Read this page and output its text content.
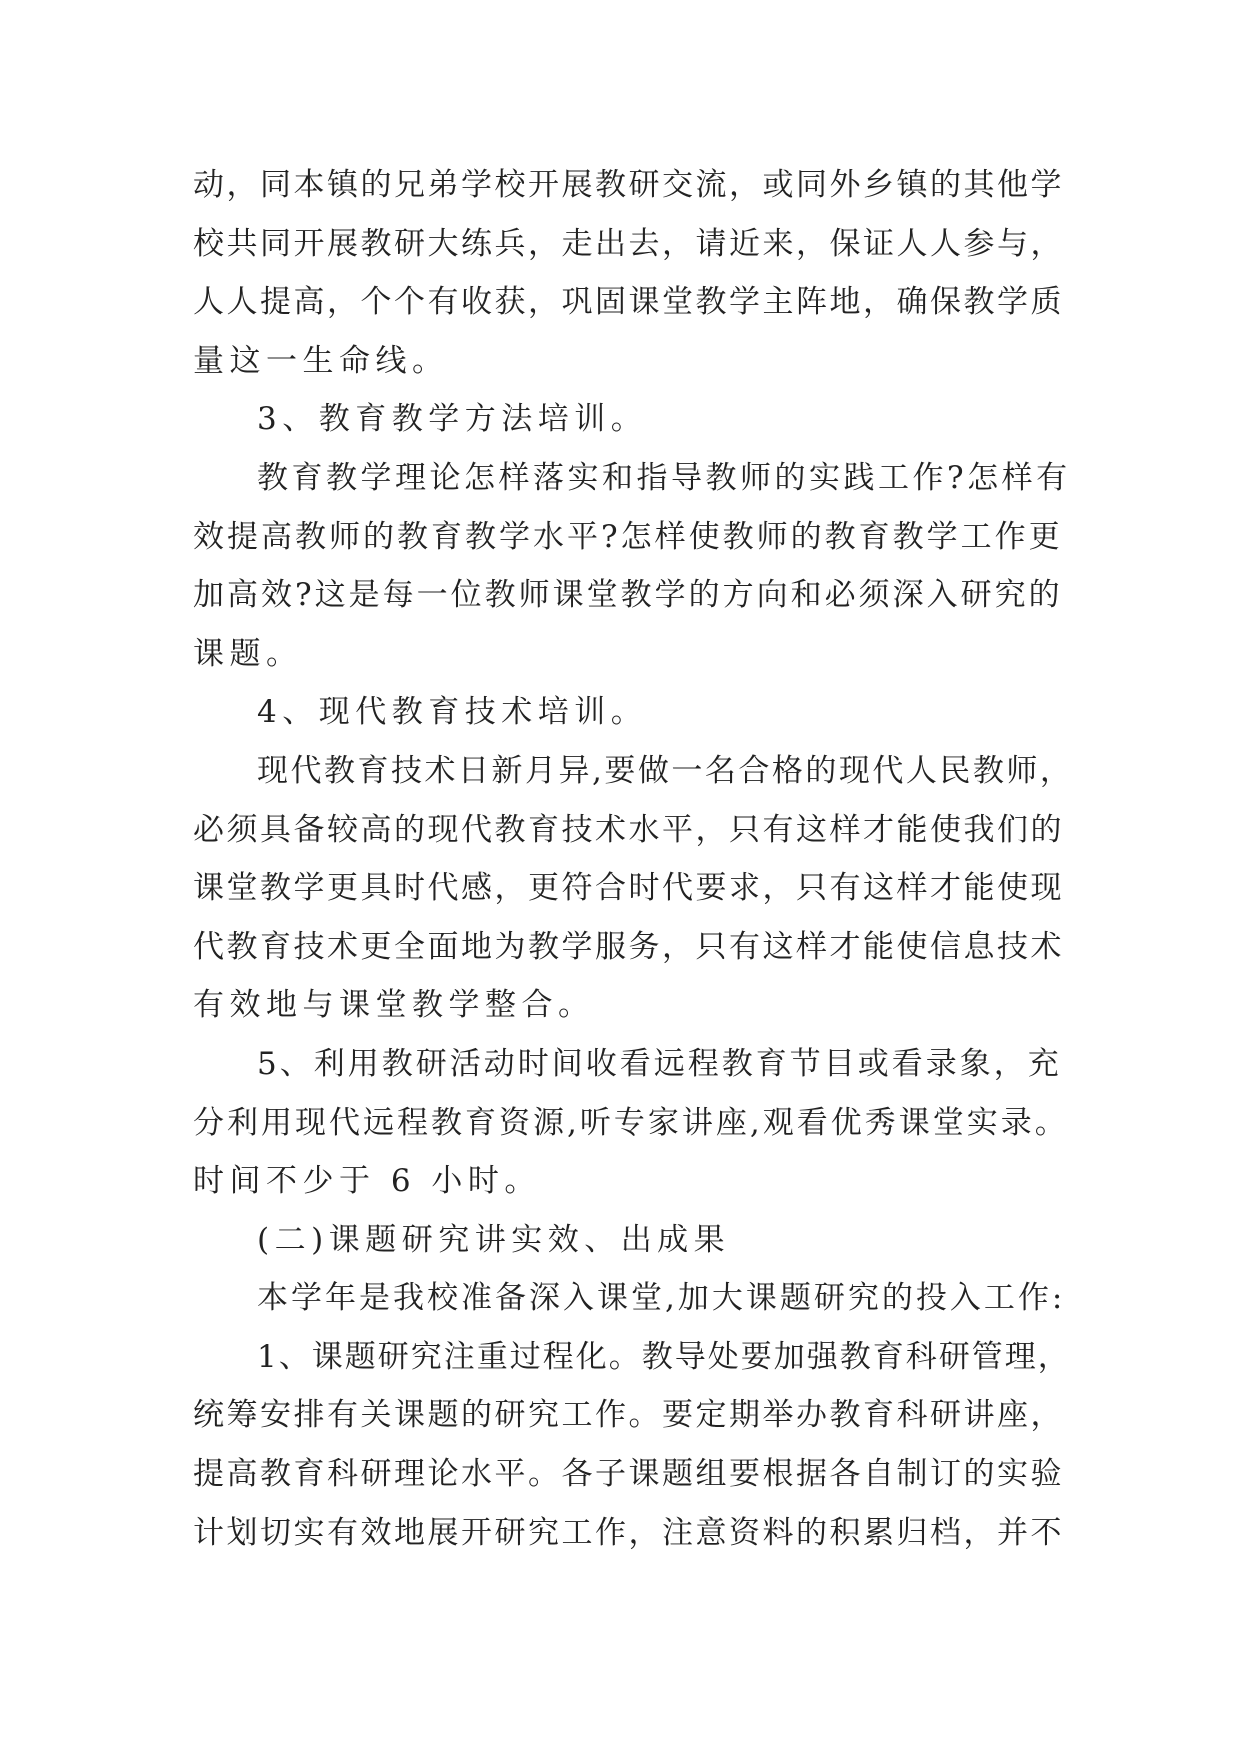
动，同本镇的兄弟学校开展教研交流，或同外乡镇的其他学
校共同开展教研大练兵，走出去，请近来，保证人人参与，
人人提高，个个有收获，巩固课堂教学主阵地，确保教学质
量这一生命线。
3、教育教学方法培训。
教育教学理论怎样落实和指导教师的实践工作?怎样有
效提高教师的教育教学水平?怎样使教师的教育教学工作更
加高效?这是每一位教师课堂教学的方向和必须深入研究的
课题。
4、现代教育技术培训。
现代教育技术日新月异,要做一名合格的现代人民教师，
必须具备较高的现代教育技术水平，只有这样才能使我们的
课堂教学更具时代感，更符合时代要求，只有这样才能使现
代教育技术更全面地为教学服务，只有这样才能使信息技术
有效地与课堂教学整合。
5、利用教研活动时间收看远程教育节目或看录象，充
分利用现代远程教育资源,听专家讲座,观看优秀课堂实录。
时间不少于 6 小时。
(二)课题研究讲实效、出成果
本学年是我校准备深入课堂,加大课题研究的投入工作:
1、课题研究注重过程化。教导处要加强教育科研管理，
统筹安排有关课题的研究工作。要定期举办教育科研讲座，
提高教育科研理论水平。各子课题组要根据各自制订的实验
计划切实有效地展开研究工作，注意资料的积累归档，并不
